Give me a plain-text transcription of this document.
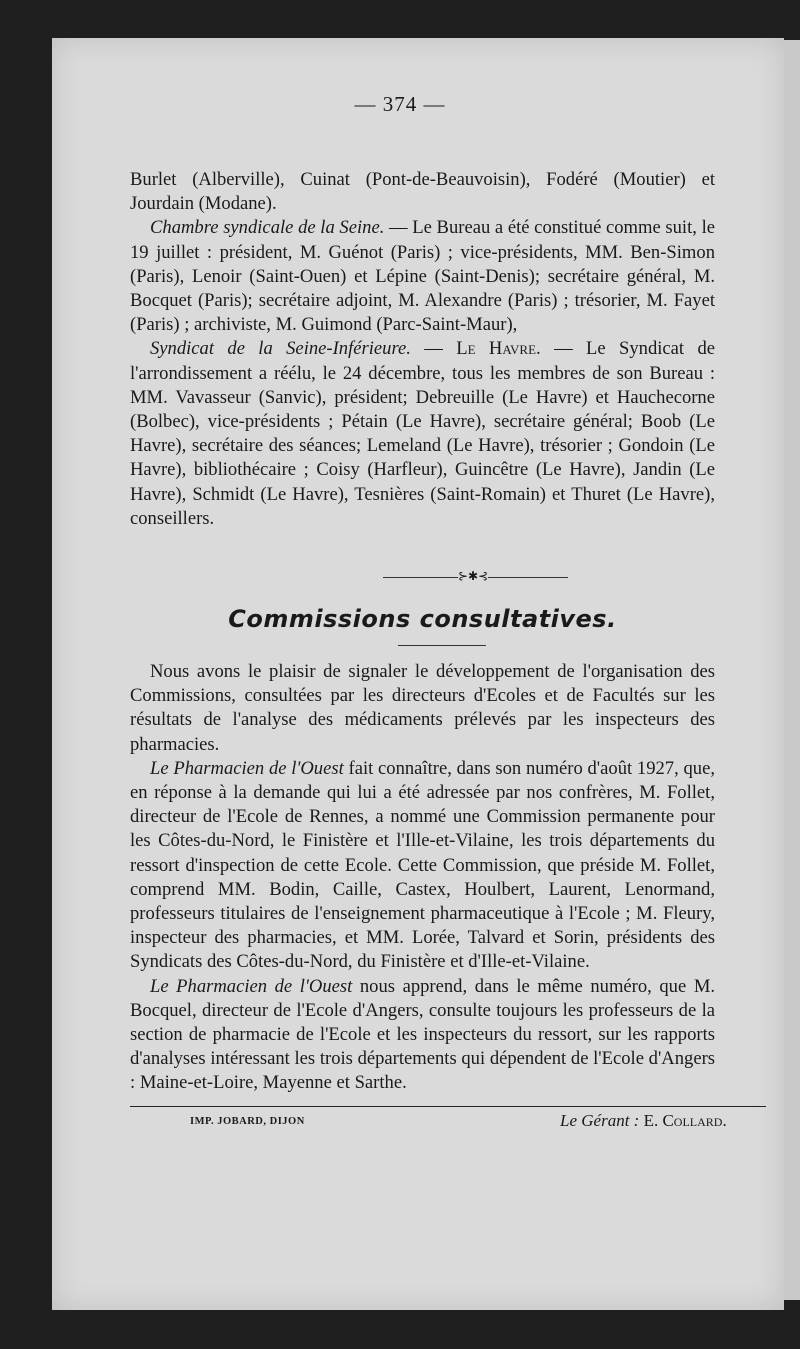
— 374 —

Burlet (Alberville), Cuinat (Pont-de-Beauvoisin), Fodéré (Moutier) et Jourdain (Modane).

Chambre syndicale de la Seine. — Le Bureau a été constitué comme suit, le 19 juillet : président, M. Guénot (Paris) ; vice-présidents, MM. Ben-Simon (Paris), Lenoir (Saint-Ouen) et Lépine (Saint-Denis); secrétaire général, M. Bocquet (Paris); secrétaire adjoint, M. Alexandre (Paris) ; trésorier, M. Fayet (Paris) ; archiviste, M. Guimond (Parc-Saint-Maur),

Syndicat de la Seine-Inférieure. — Le Havre. — Le Syndicat de l'arrondissement a réélu, le 24 décembre, tous les membres de son Bureau : MM. Vavasseur (Sanvic), président; Debreuille (Le Havre) et Hauchecorne (Bolbec), vice-présidents ; Pétain (Le Havre), secrétaire général; Boob (Le Havre), secrétaire des séances; Lemeland (Le Havre), trésorier ; Gondoin (Le Havre), bibliothécaire ; Coisy (Harfleur), Guincêtre (Le Havre), Jandin (Le Havre), Schmidt (Le Havre), Tesnières (Saint-Romain) et Thuret (Le Havre), conseillers.

⊱✱⊰
Commissions consultatives.

Nous avons le plaisir de signaler le développement de l'organisation des Commissions, consultées par les directeurs d'Ecoles et de Facultés sur les résultats de l'analyse des médicaments prélevés par les inspecteurs des pharmacies.

Le Pharmacien de l'Ouest fait connaître, dans son numéro d'août 1927, que, en réponse à la demande qui lui a été adressée par nos confrères, M. Follet, directeur de l'Ecole de Rennes, a nommé une Commission permanente pour les Côtes-du-Nord, le Finistère et l'Ille-et-Vilaine, les trois départements du ressort d'inspection de cette Ecole. Cette Commission, que préside M. Follet, comprend MM. Bodin, Caille, Castex, Houlbert, Laurent, Lenormand, professeurs titulaires de l'enseignement pharmaceutique à l'Ecole ; M. Fleury, inspecteur des pharmacies, et MM. Lorée, Talvard et Sorin, présidents des Syndicats des Côtes-du-Nord, du Finistère et d'Ille-et-Vilaine.

Le Pharmacien de l'Ouest nous apprend, dans le même numéro, que M. Bocquel, directeur de l'Ecole d'Angers, consulte toujours les professeurs de la section de pharmacie de l'Ecole et les inspecteurs du ressort, sur les rapports d'analyses intéressant les trois départements qui dépendent de l'Ecole d'Angers : Maine-et-Loire, Mayenne et Sarthe.

IMP. JOBARD, DIJON	Le Gérant : E. Collard.
